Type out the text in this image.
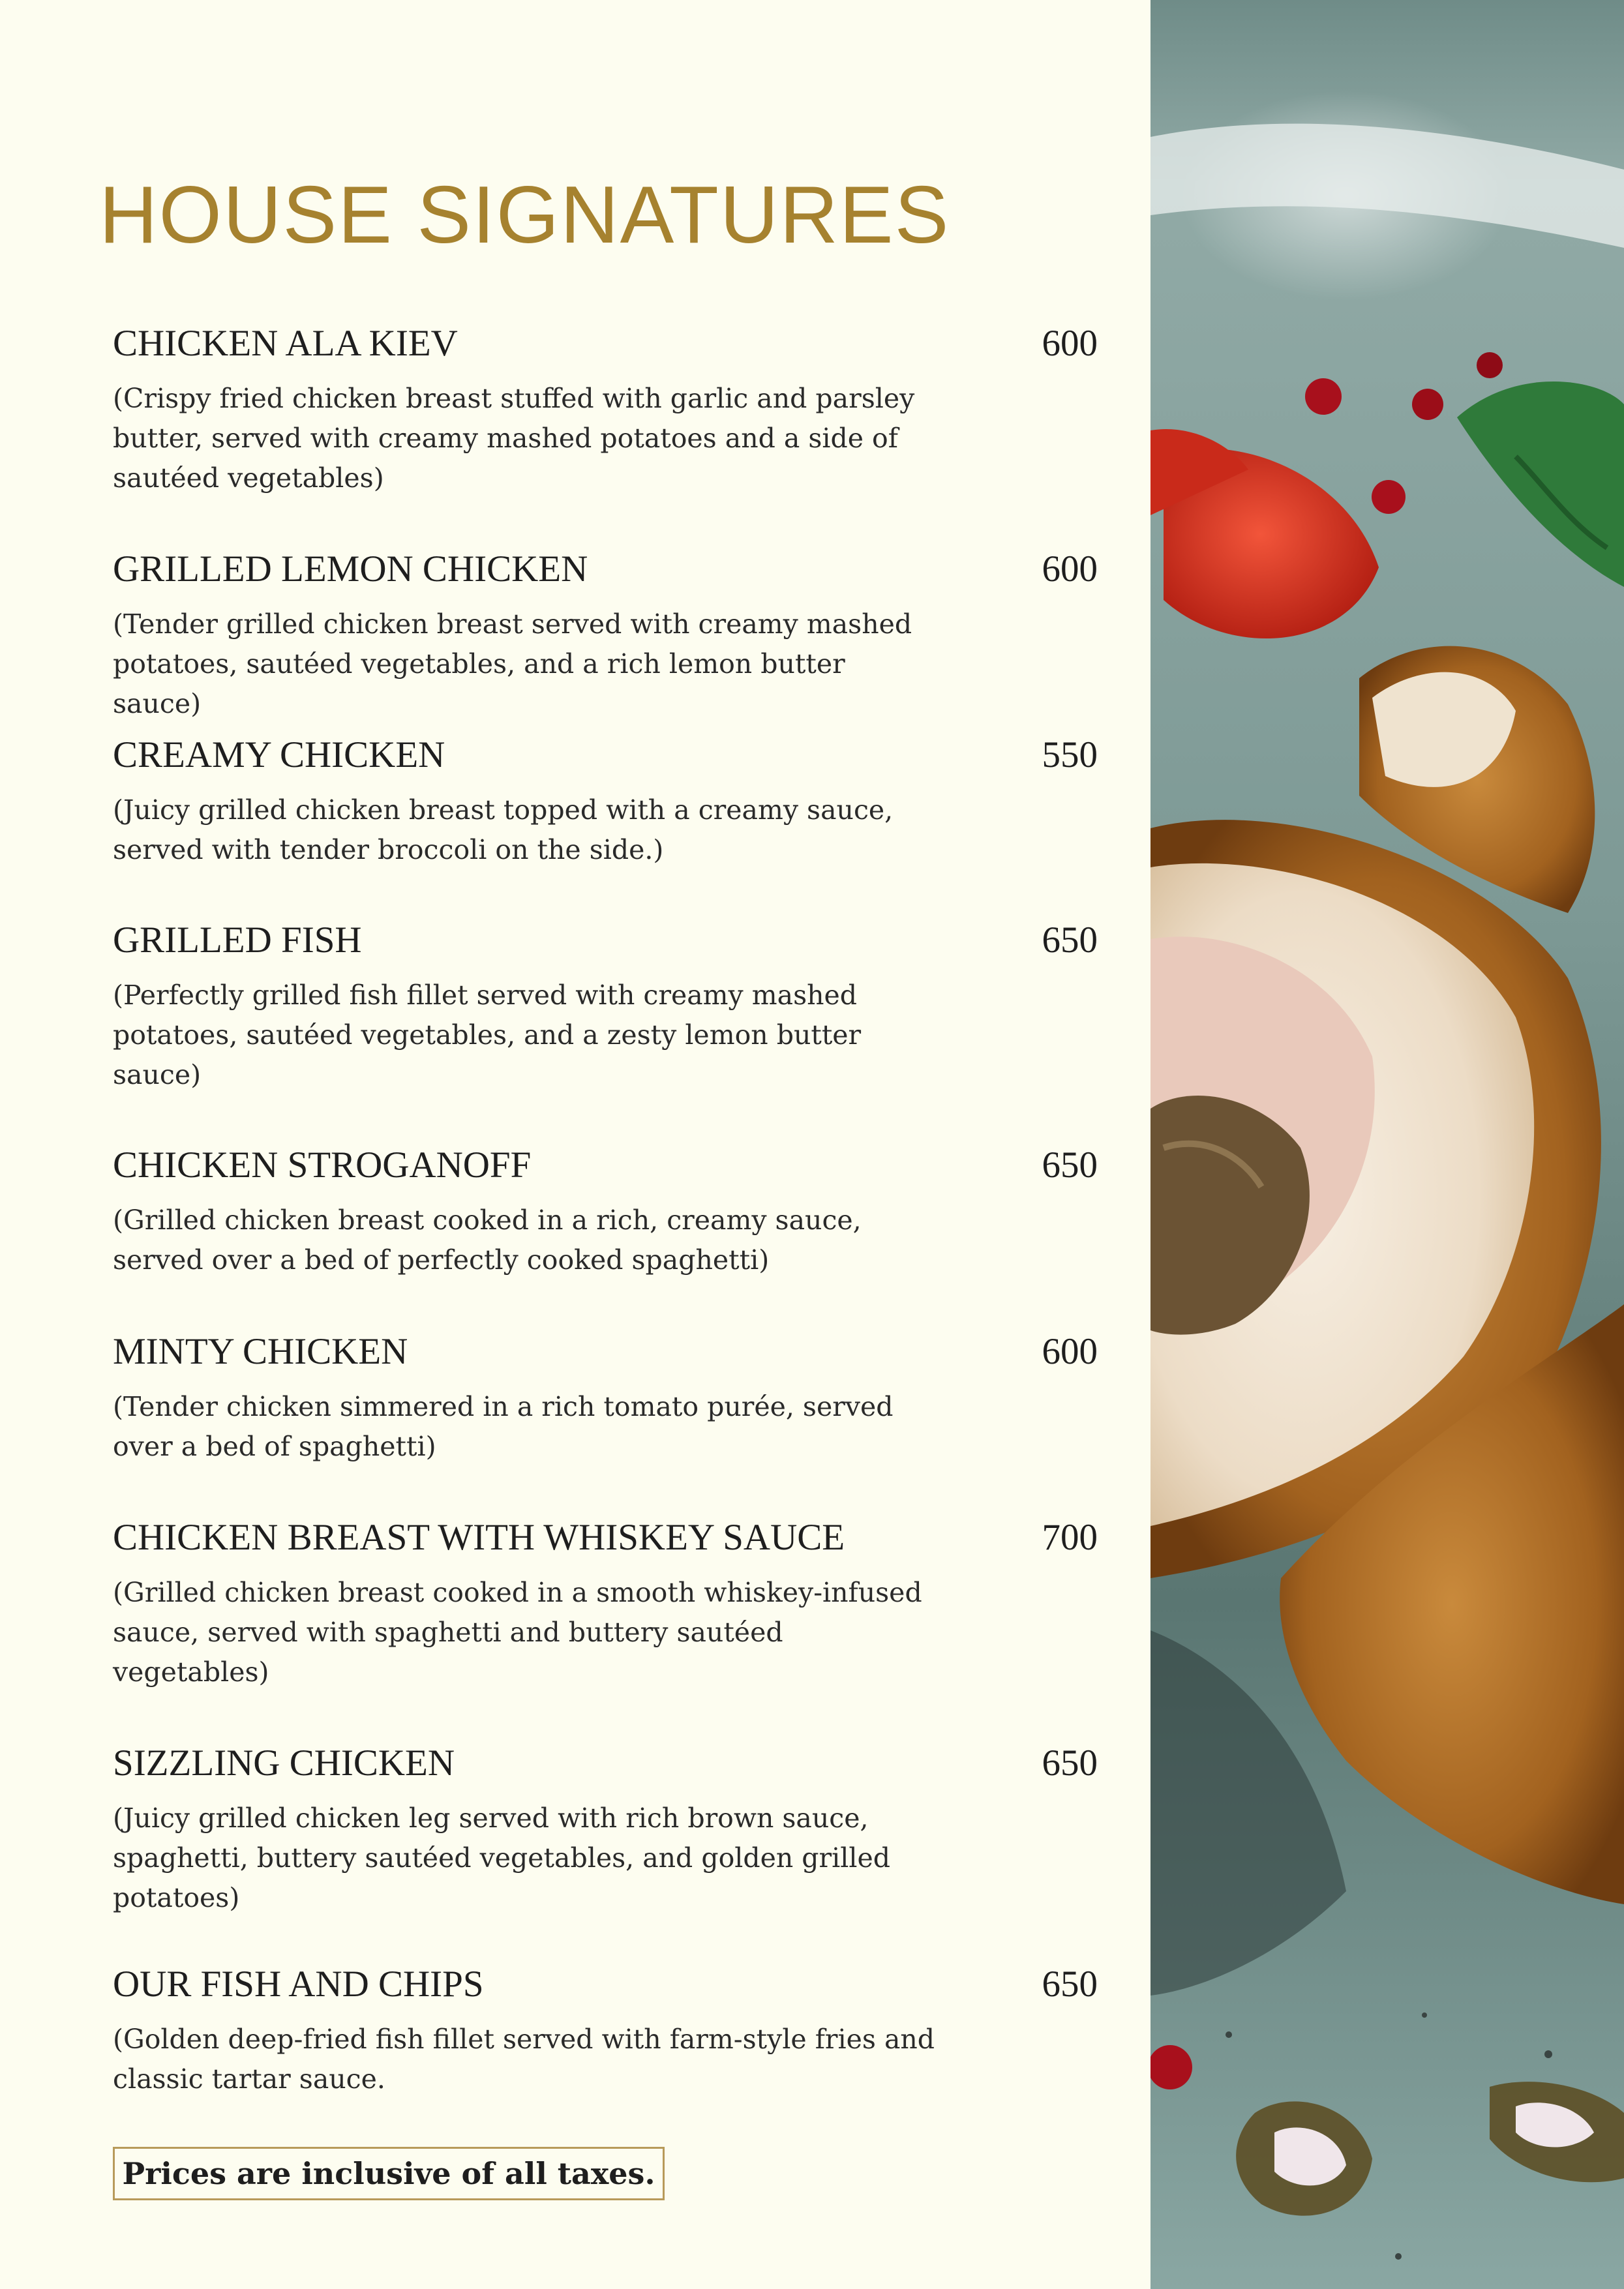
HOUSE SIGNATURES
CHICKEN ALA KIEV	600
(Crispy fried chicken breast stuffed with garlic and parsley butter, served with creamy mashed potatoes and a side of sautéed vegetables)
GRILLED LEMON CHICKEN	600
(Tender grilled chicken breast served with creamy mashed potatoes, sautéed vegetables, and a rich lemon butter sauce)
CREAMY CHICKEN	550
(Juicy grilled chicken breast topped with a creamy sauce, served with tender broccoli on the side.)
GRILLED FISH	650
(Perfectly grilled fish fillet served with creamy mashed potatoes, sautéed vegetables, and a zesty lemon butter sauce)
CHICKEN STROGANOFF	650
(Grilled chicken breast cooked in a rich, creamy sauce, served over a bed of perfectly cooked spaghetti)
MINTY CHICKEN	600
(Tender chicken simmered in a rich tomato purée, served over a bed of spaghetti)
CHICKEN BREAST WITH WHISKEY SAUCE	700
(Grilled chicken breast cooked in a smooth whiskey-infused sauce, served with spaghetti and buttery sautéed vegetables)
SIZZLING CHICKEN	650
(Juicy grilled chicken leg served with rich brown sauce, spaghetti, buttery sautéed vegetables, and golden grilled potatoes)
OUR FISH AND CHIPS	650
(Golden deep-fried fish fillet served with farm-style fries and classic tartar sauce.
Prices are inclusive of all taxes.
